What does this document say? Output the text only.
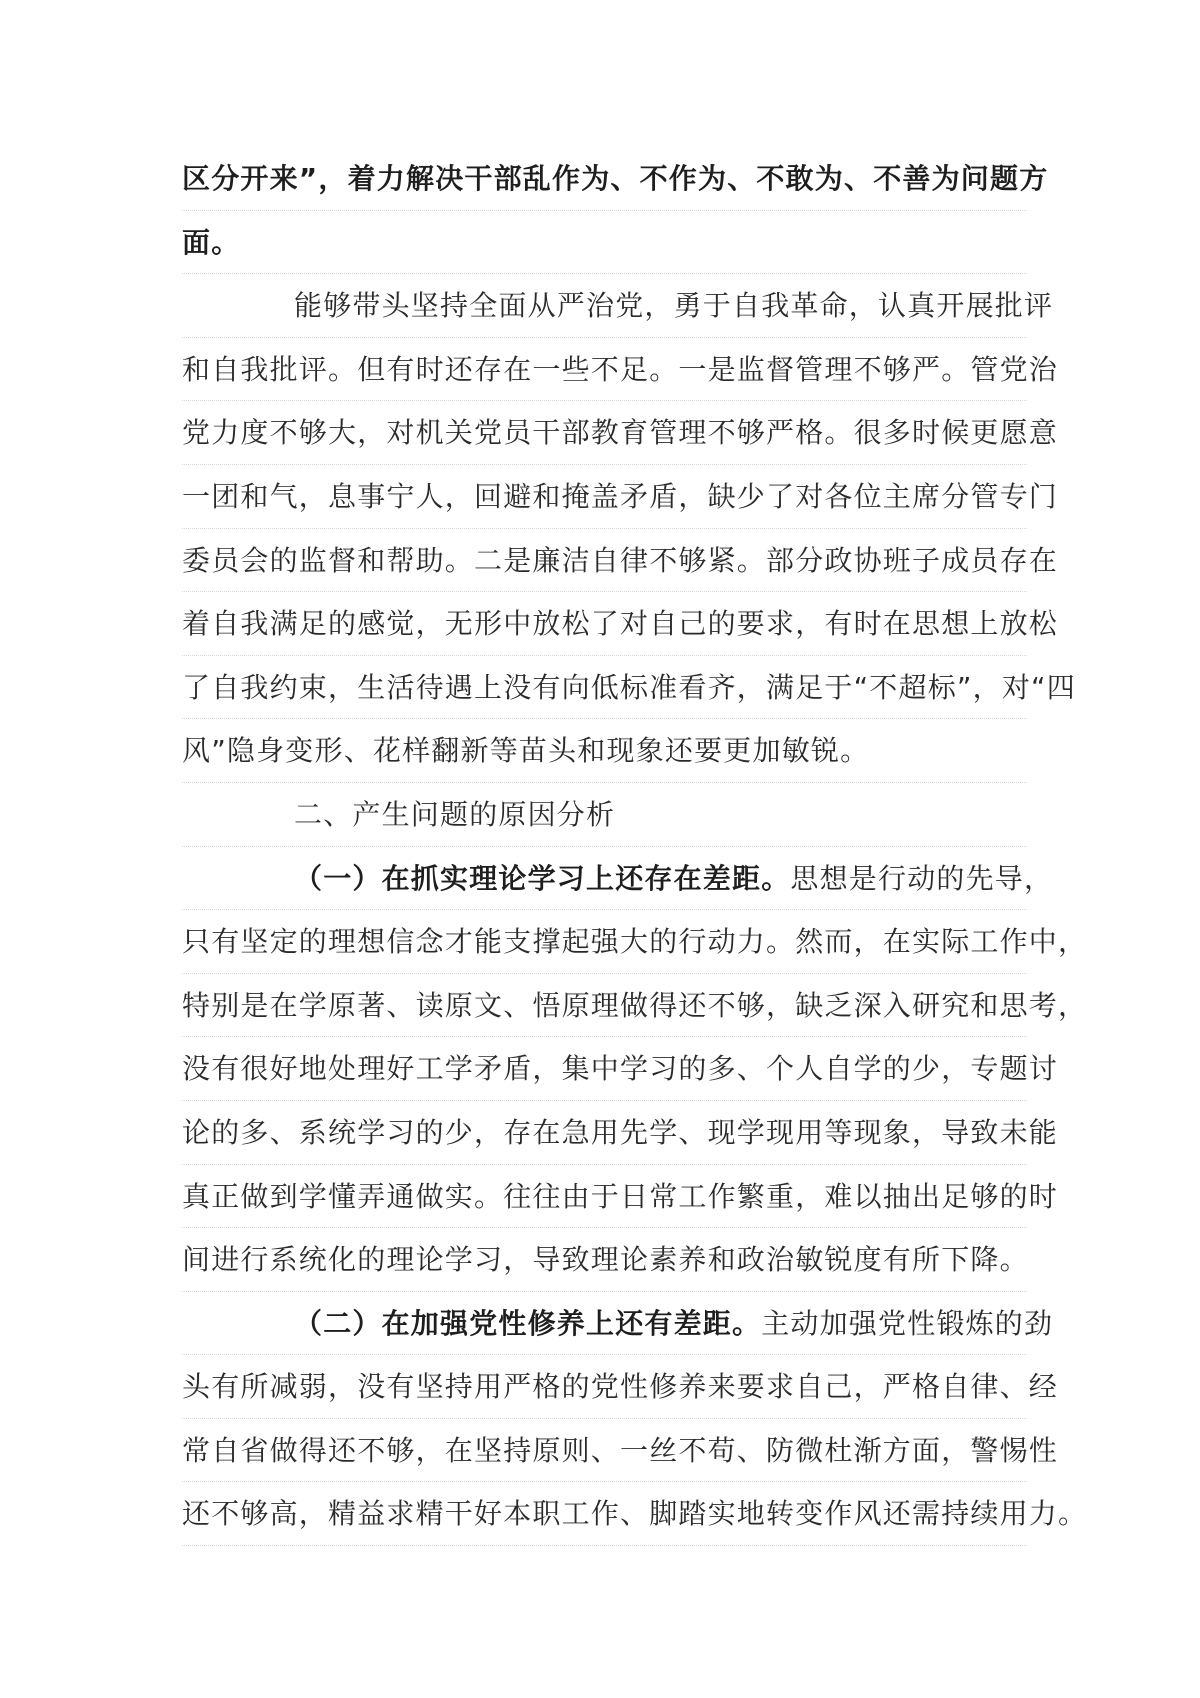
区分开来”，着力解决干部乱作为、不作为、不敢为、不善为问题方
面。
能够带头坚持全面从严治党，勇于自我革命，认真开展批评
和自我批评。但有时还存在一些不足。一是监督管理不够严。管党治
党力度不够大，对机关党员干部教育管理不够严格。很多时候更愿意
一团和气，息事宁人，回避和掩盖矛盾，缺少了对各位主席分管专门
委员会的监督和帮助。二是廉洁自律不够紧。部分政协班子成员存在
着自我满足的感觉，无形中放松了对自己的要求，有时在思想上放松
了自我约束，生活待遇上没有向低标准看齐，满足于“不超标”，对“四
风”隐身变形、花样翻新等苗头和现象还要更加敏锐。
二、产生问题的原因分析
（一）在抓实理论学习上还存在差距。思想是行动的先导，
只有坚定的理想信念才能支撑起强大的行动力。然而，在实际工作中，
特别是在学原著、读原文、悟原理做得还不够，缺乏深入研究和思考，
没有很好地处理好工学矛盾，集中学习的多、个人自学的少，专题讨
论的多、系统学习的少，存在急用先学、现学现用等现象，导致未能
真正做到学懂弄通做实。往往由于日常工作繁重，难以抽出足够的时
间进行系统化的理论学习，导致理论素养和政治敏锐度有所下降。
（二）在加强党性修养上还有差距。主动加强党性锻炼的劲
头有所减弱，没有坚持用严格的党性修养来要求自己，严格自律、经
常自省做得还不够，在坚持原则、一丝不苟、防微杜渐方面，警惕性
还不够高，精益求精干好本职工作、脚踏实地转变作风还需持续用力。
